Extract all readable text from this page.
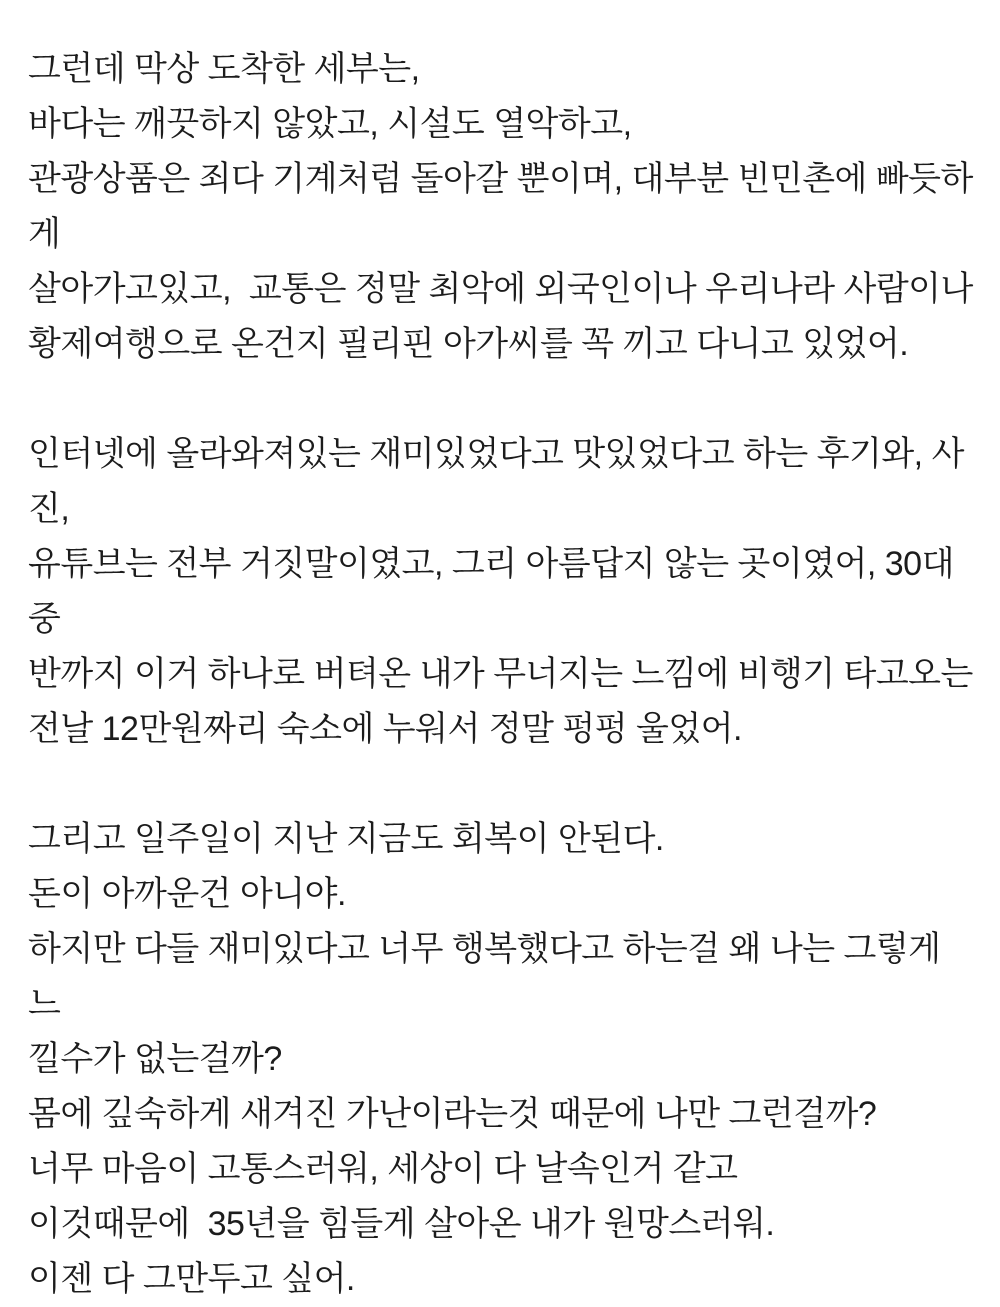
그런데 막상 도착한 세부는,
바다는 깨끗하지 않았고, 시설도 열악하고,
관광상품은 죄다 기계처럼 돌아갈 뿐이며, 대부분 빈민촌에 빠듯하게
살아가고있고,  교통은 정말 최악에 외국인이나 우리나라 사람이나
황제여행으로 온건지 필리핀 아가씨를 꼭 끼고 다니고 있었어.
인터넷에 올라와져있는 재미있었다고 맛있었다고 하는 후기와, 사진,
유튜브는 전부 거짓말이였고, 그리 아름답지 않는 곳이였어, 30대 중
반까지 이거 하나로 버텨온 내가 무너지는 느낌에 비행기 타고오는
전날 12만원짜리 숙소에 누워서 정말 펑펑 울었어.
그리고 일주일이 지난 지금도 회복이 안된다.
돈이 아까운건 아니야.
하지만 다들 재미있다고 너무 행복했다고 하는걸 왜 나는 그렇게 느
낄수가 없는걸까?
몸에 깊숙하게 새겨진 가난이라는것 때문에 나만 그런걸까?
너무 마음이 고통스러워, 세상이 다 날속인거 같고
이것때문에  35년을 힘들게 살아온 내가 원망스러워.
이젠 다 그만두고 싶어.
